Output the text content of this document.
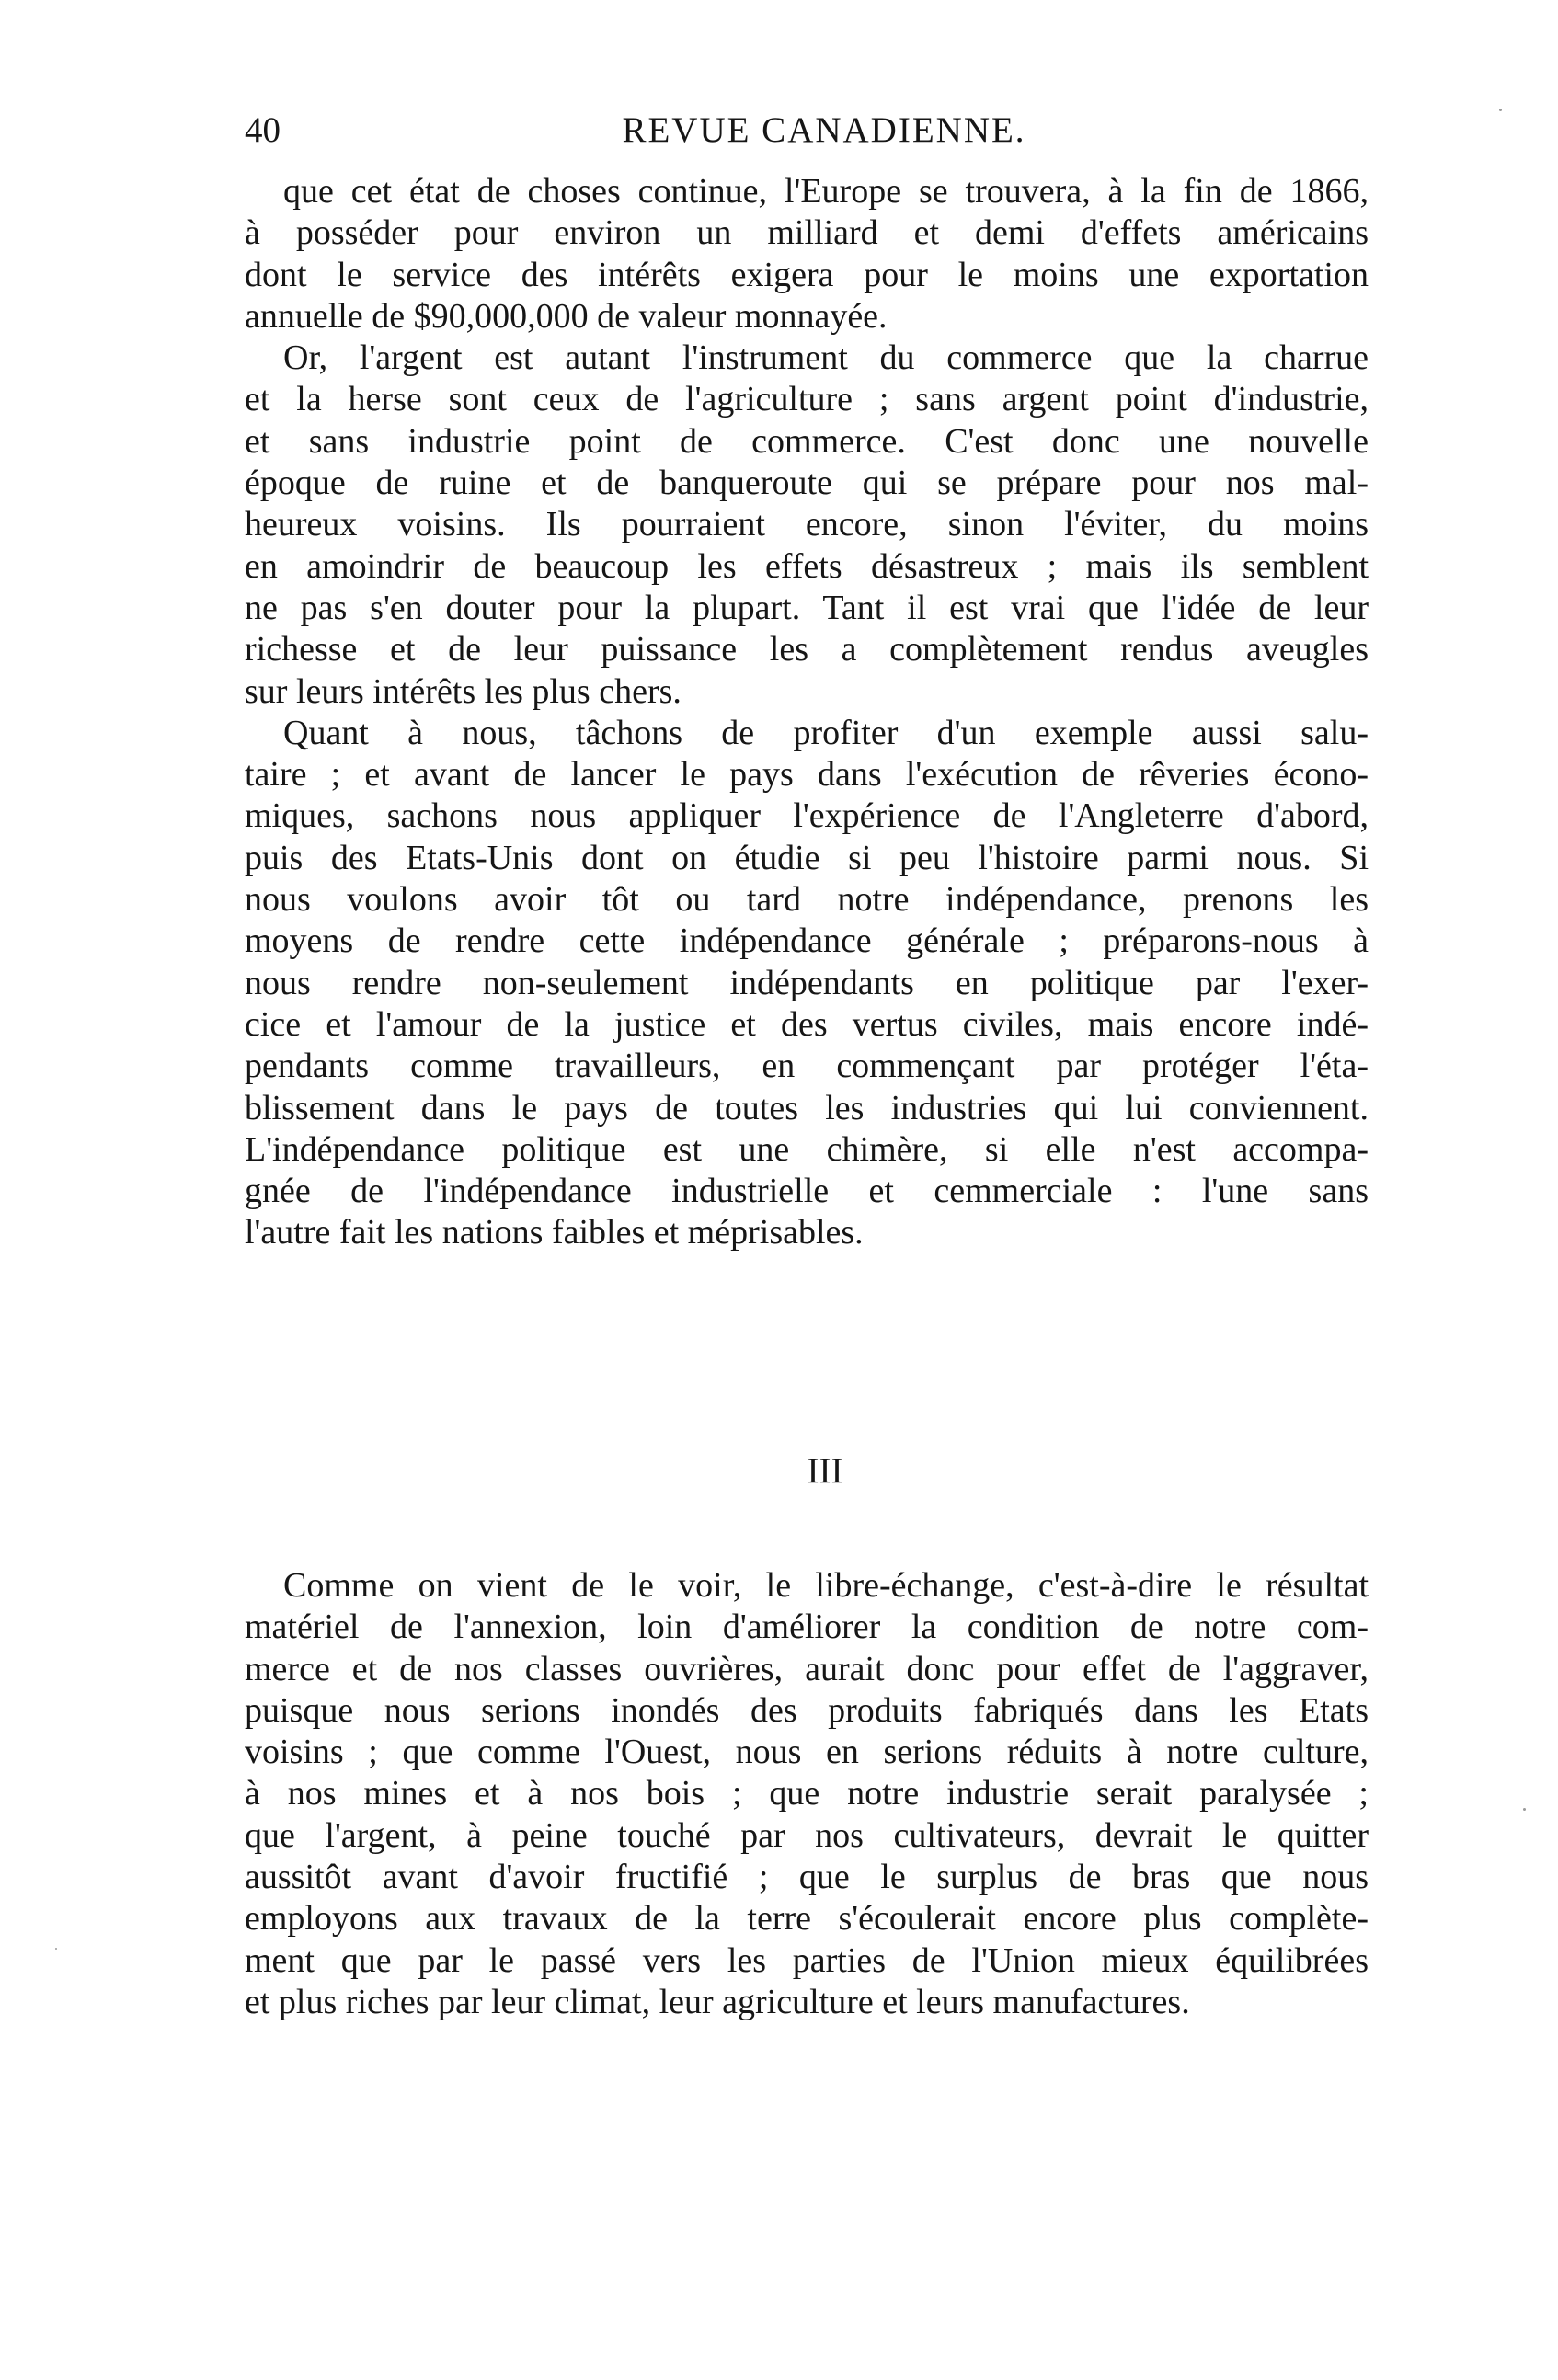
40	REVUE CANADIENNE.
que cet état de choses continue, l'Europe se trouvera, à la fin de 1866,
à posséder pour environ un milliard et demi d'effets américains
dont le service des intérêts exigera pour le moins une exportation
annuelle de $90,000,000 de valeur monnayée.
Or, l'argent est autant l'instrument du commerce que la charrue
et la herse sont ceux de l'agriculture ; sans argent point d'industrie,
et sans industrie point de commerce. C'est donc une nouvelle
époque de ruine et de banqueroute qui se prépare pour nos mal-
heureux voisins. Ils pourraient encore, sinon l'éviter, du moins
en amoindrir de beaucoup les effets désastreux ; mais ils semblent
ne pas s'en douter pour la plupart. Tant il est vrai que l'idée de leur
richesse et de leur puissance les a complètement rendus aveugles
sur leurs intérêts les plus chers.
Quant à nous, tâchons de profiter d'un exemple aussi salu-
taire ; et avant de lancer le pays dans l'exécution de rêveries écono-
miques, sachons nous appliquer l'expérience de l'Angleterre d'abord,
puis des Etats-Unis dont on étudie si peu l'histoire parmi nous. Si
nous voulons avoir tôt ou tard notre indépendance, prenons les
moyens de rendre cette indépendance générale ; préparons-nous à
nous rendre non-seulement indépendants en politique par l'exer-
cice et l'amour de la justice et des vertus civiles, mais encore indé-
pendants comme travailleurs, en commençant par protéger l'éta-
blissement dans le pays de toutes les industries qui lui conviennent.
L'indépendance politique est une chimère, si elle n'est accompa-
gnée de l'indépendance industrielle et cemmerciale : l'une sans
l'autre fait les nations faibles et méprisables.
III
Comme on vient de le voir, le libre-échange, c'est-à-dire le résultat
matériel de l'annexion, loin d'améliorer la condition de notre com-
merce et de nos classes ouvrières, aurait donc pour effet de l'aggraver,
puisque nous serions inondés des produits fabriqués dans les Etats
voisins ; que comme l'Ouest, nous en serions réduits à notre culture,
à nos mines et à nos bois ; que notre industrie serait paralysée ;
que l'argent, à peine touché par nos cultivateurs, devrait le quitter
aussitôt avant d'avoir fructifié ; que le surplus de bras que nous
employons aux travaux de la terre s'écoulerait encore plus complète-
ment que par le passé vers les parties de l'Union mieux équilibrées
et plus riches par leur climat, leur agriculture et leurs manufactures.
